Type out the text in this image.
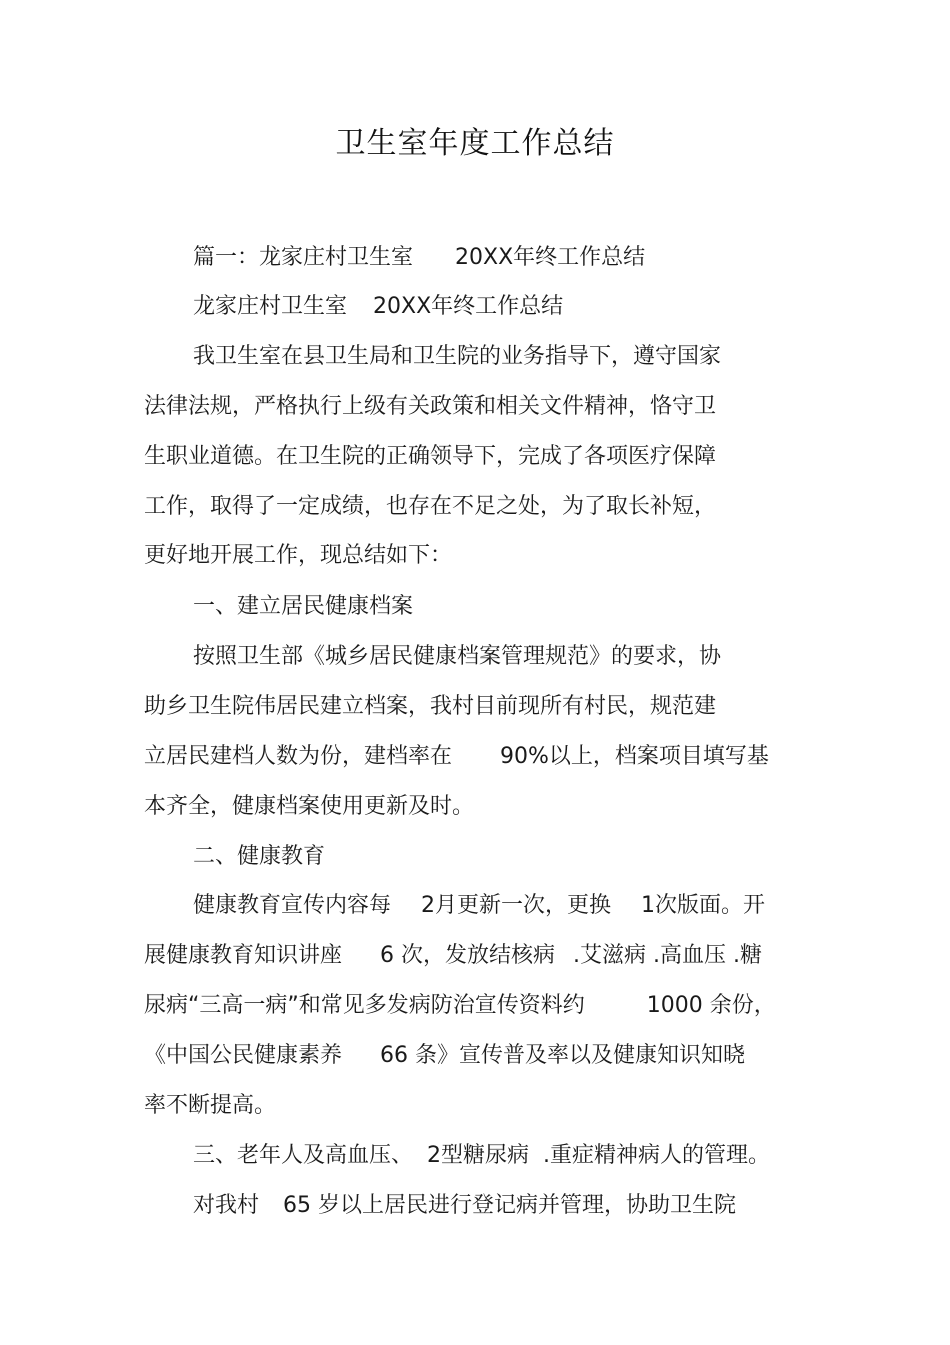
卫生室年度工作总结
篇一：龙家庄村卫生室 20XX年终工作总结
龙家庄村卫生室 20XX年终工作总结
我卫生室在县卫生局和卫生院的业务指导下，遵守国家
法律法规，严格执行上级有关政策和相关文件精神，恪守卫
生职业道德。在卫生院的正确领导下，完成了各项医疗保障
工作，取得了一定成绩，也存在不足之处，为了取长补短，
更好地开展工作，现总结如下：
一、建立居民健康档案
按照卫生部《城乡居民健康档案管理规范》的要求，协
助乡卫生院伟居民建立档案，我村目前现所有村民，规范建
立居民建档人数为份，建档率在 90%以上，档案项目填写基
本齐全，健康档案使用更新及时。
二、健康教育
健康教育宣传内容每 2月更新一次，更换 1次版面。开
展健康教育知识讲座 6 次，发放结核病 .艾滋病 .高血压 .糖
尿病“三高一病”和常见多发病防治宣传资料约	1000 余份，
《中国公民健康素养 66 条》宣传普及率以及健康知识知晓
率不断提高。
三、老年人及高血压、 2型糖尿病 .重症精神病人的管理。
对我村 65 岁以上居民进行登记病并管理，协助卫生院
